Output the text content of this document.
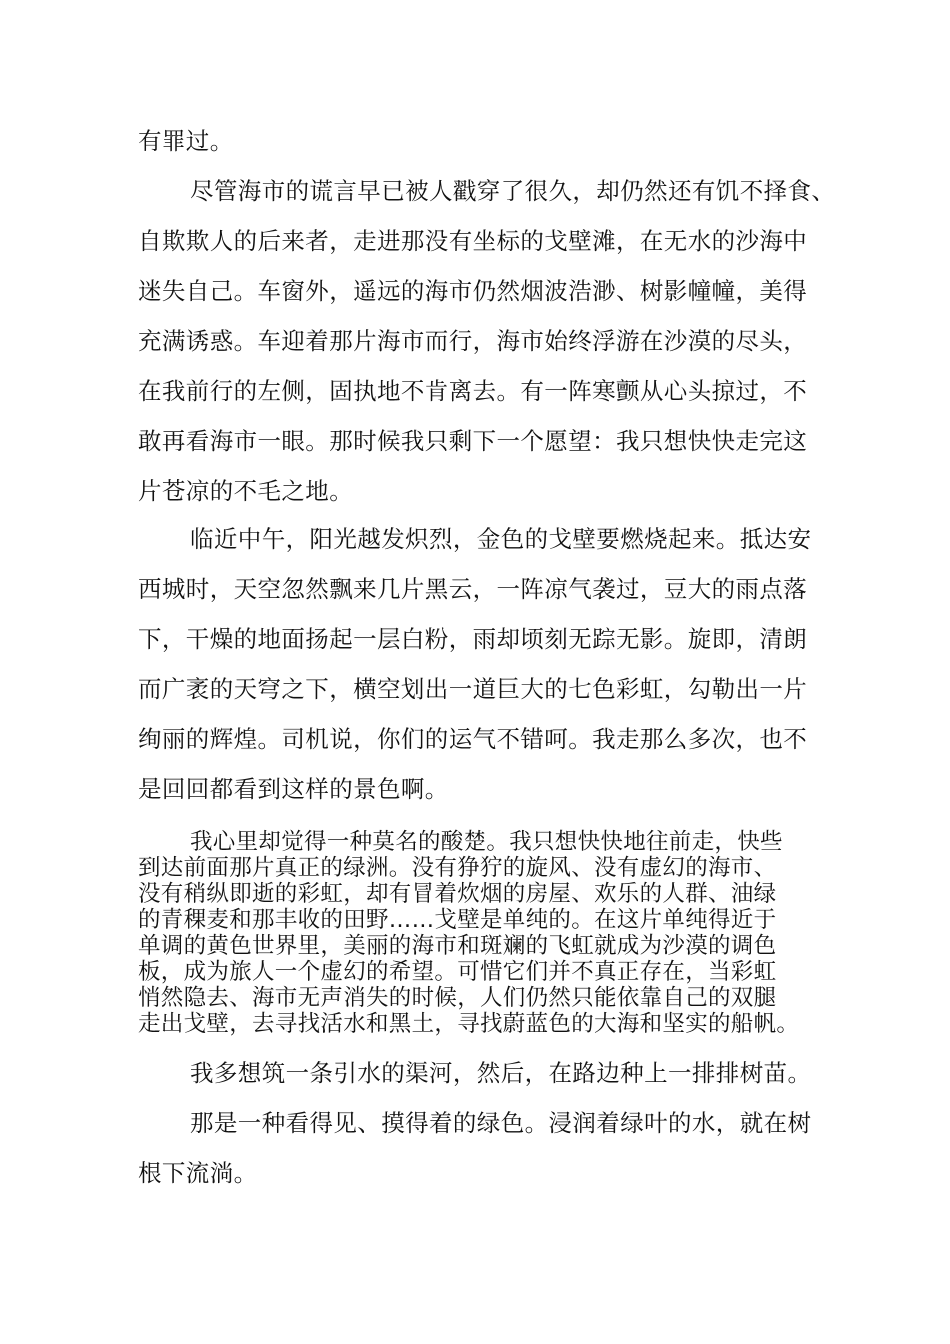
有罪过。

尽管海市的谎言早已被人戳穿了很久，却仍然还有饥不择食、

自欺欺人的后来者，走进那没有坐标的戈壁滩，在无水的沙海中

迷失自己。车窗外，遥远的海市仍然烟波浩渺、树影幢幢，美得

充满诱惑。车迎着那片海市而行，海市始终浮游在沙漠的尽头，

在我前行的左侧，固执地不肯离去。有一阵寒颤从心头掠过，不

敢再看海市一眼。那时候我只剩下一个愿望：我只想快快走完这

片苍凉的不毛之地。

临近中午，阳光越发炽烈，金色的戈壁要燃烧起来。抵达安

西城时，天空忽然飘来几片黑云，一阵凉气袭过，豆大的雨点落

下，干燥的地面扬起一层白粉，雨却顷刻无踪无影。旋即，清朗

而广袤的天穹之下，横空划出一道巨大的七色彩虹，勾勒出一片

绚丽的辉煌。司机说，你们的运气不错呵。我走那么多次，也不

是回回都看到这样的景色啊。

我心里却觉得一种莫名的酸楚。我只想快快地往前走，快些

到达前面那片真正的绿洲。没有狰狞的旋风、没有虚幻的海市、

没有稍纵即逝的彩虹，却有冒着炊烟的房屋、欢乐的人群、油绿

的青稞麦和那丰收的田野……戈壁是单纯的。在这片单纯得近于

单调的黄色世界里，美丽的海市和斑斓的飞虹就成为沙漠的调色

板，成为旅人一个虚幻的希望。可惜它们并不真正存在，当彩虹

悄然隐去、海市无声消失的时候，人们仍然只能依靠自己的双腿

走出戈壁，去寻找活水和黑土，寻找蔚蓝色的大海和坚实的船帆。

我多想筑一条引水的渠河，然后，在路边种上一排排树苗。

那是一种看得见、摸得着的绿色。浸润着绿叶的水，就在树

根下流淌。
